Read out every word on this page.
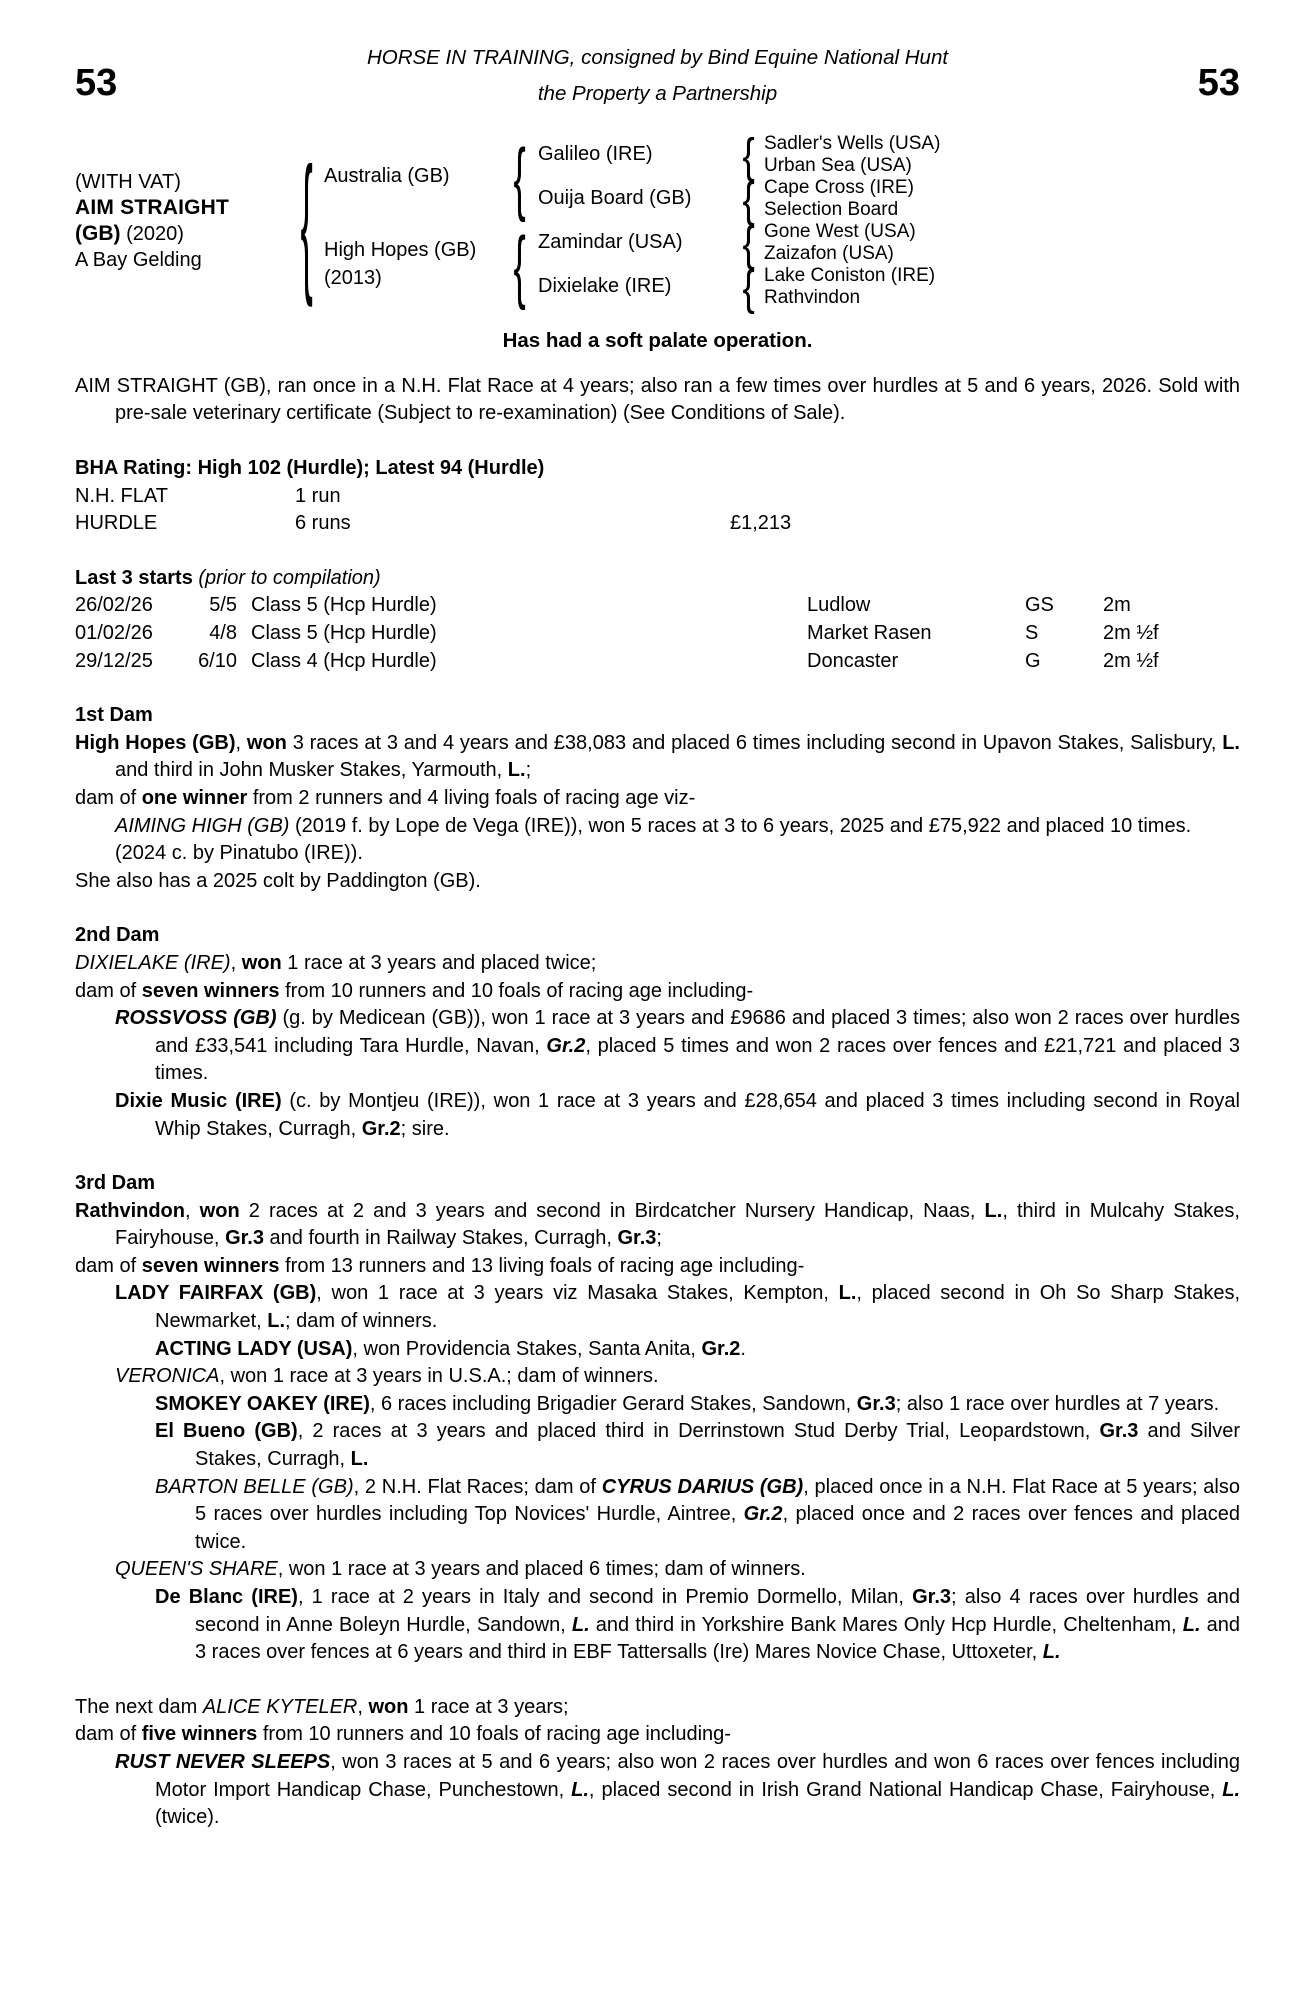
53
HORSE IN TRAINING, consigned by Bind Equine National Hunt
the Property a Partnership	53
(WITH VAT)
AIM STRAIGHT
(GB) (2020)
A Bay Gelding	{ Australia (GB)
High Hopes (GB)
(2013)
{
{
Galileo (IRE)
Ouija Board (GB)
Zamindar (USA)
Dixielake (IRE)
{
{
{
{
Sadler's Wells (USA)
Urban Sea (USA)
Cape Cross (IRE)
Selection Board
Gone West (USA)
Zaizafon (USA)
Lake Coniston (IRE)
Rathvindon
Has had a soft palate operation.

AIM STRAIGHT (GB), ran once in a N.H. Flat Race at 4 years; also ran a few times over hurdles at 5 and 6 years, 2026. Sold with pre-sale veterinary certificate (Subject to re-examination) (See Conditions of Sale).

BHA Rating: High 102 (Hurdle); Latest 94 (Hurdle)
N.H. FLAT	1 run
HURDLE	6 runs	£1,213
Last 3 starts (prior to compilation)
26/02/26	5/5 Class 5 (Hcp Hurdle)	Ludlow	GS	2m
01/02/26	4/8 Class 5 (Hcp Hurdle)	Market Rasen	S	2m ½f
29/12/25	6/10 Class 4 (Hcp Hurdle)	Doncaster	G	2m ½f
1st Dam

High Hopes (GB), won 3 races at 3 and 4 years and £38,083 and placed 6 times including second in Upavon Stakes, Salisbury, L. and third in John Musker Stakes, Yarmouth, L.;

dam of one winner from 2 runners and 4 living foals of racing age viz-

AIMING HIGH (GB) (2019 f. by Lope de Vega (IRE)), won 5 races at 3 to 6 years, 2025 and £75,922 and placed 10 times.

(2024 c. by Pinatubo (IRE)).

She also has a 2025 colt by Paddington (GB).

2nd Dam

DIXIELAKE (IRE), won 1 race at 3 years and placed twice;

dam of seven winners from 10 runners and 10 foals of racing age including-

ROSSVOSS (GB) (g. by Medicean (GB)), won 1 race at 3 years and £9686 and placed 3 times; also won 2 races over hurdles and £33,541 including Tara Hurdle, Navan, Gr.2, placed 5 times and won 2 races over fences and £21,721 and placed 3 times.

Dixie Music (IRE) (c. by Montjeu (IRE)), won 1 race at 3 years and £28,654 and placed 3 times including second in Royal Whip Stakes, Curragh, Gr.2; sire.

3rd Dam

Rathvindon, won 2 races at 2 and 3 years and second in Birdcatcher Nursery Handicap, Naas, L., third in Mulcahy Stakes, Fairyhouse, Gr.3 and fourth in Railway Stakes, Curragh, Gr.3;

dam of seven winners from 13 runners and 13 living foals of racing age including-

LADY FAIRFAX (GB), won 1 race at 3 years viz Masaka Stakes, Kempton, L., placed second in Oh So Sharp Stakes, Newmarket, L.; dam of winners.

ACTING LADY (USA), won Providencia Stakes, Santa Anita, Gr.2.

VERONICA, won 1 race at 3 years in U.S.A.; dam of winners.

SMOKEY OAKEY (IRE), 6 races including Brigadier Gerard Stakes, Sandown, Gr.3; also 1 race over hurdles at 7 years.

El Bueno (GB), 2 races at 3 years and placed third in Derrinstown Stud Derby Trial, Leopardstown, Gr.3 and Silver Stakes, Curragh, L.

BARTON BELLE (GB), 2 N.H. Flat Races; dam of CYRUS DARIUS (GB), placed once in a N.H. Flat Race at 5 years; also 5 races over hurdles including Top Novices' Hurdle, Aintree, Gr.2, placed once and 2 races over fences and placed twice.

QUEEN'S SHARE, won 1 race at 3 years and placed 6 times; dam of winners.

De Blanc (IRE), 1 race at 2 years in Italy and second in Premio Dormello, Milan, Gr.3; also 4 races over hurdles and second in Anne Boleyn Hurdle, Sandown, L. and third in Yorkshire Bank Mares Only Hcp Hurdle, Cheltenham, L. and 3 races over fences at 6 years and third in EBF Tattersalls (Ire) Mares Novice Chase, Uttoxeter, L.

The next dam ALICE KYTELER, won 1 race at 3 years;

dam of five winners from 10 runners and 10 foals of racing age including-

RUST NEVER SLEEPS, won 3 races at 5 and 6 years; also won 2 races over hurdles and won 6 races over fences including Motor Import Handicap Chase, Punchestown, L., placed second in Irish Grand National Handicap Chase, Fairyhouse, L. (twice).
